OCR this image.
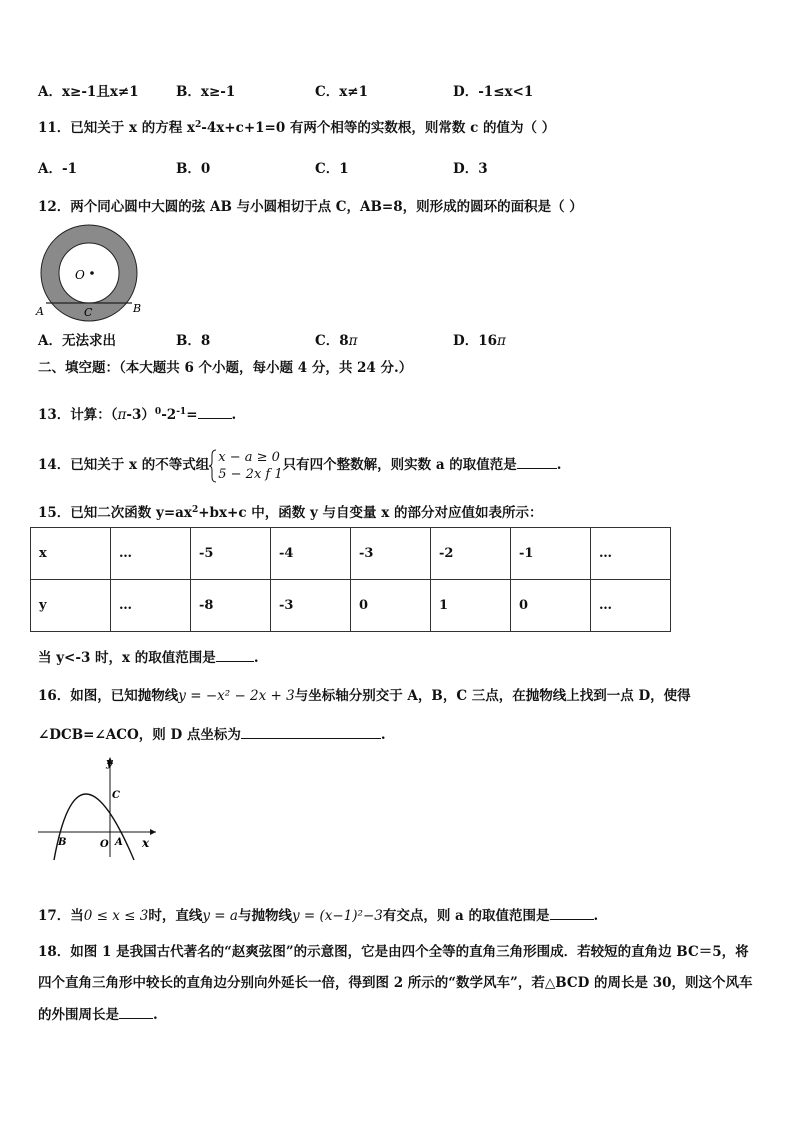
A．x≥-1且x≠1	B．x≥-1	C．x≠1	D．-1≤x<1
11．已知关于 x 的方程 $x^2-4x+c+1=0$ 有两个相等的实数根，则常数 c 的值为（ ）
A．-1	B．0	C．1	D．3
12．两个同心圆中大圆的弦 AB 与小圆相切于点 C，AB=8，则形成的圆环的面积是（ ）
O
A	B
C
A．无法求出	B．8	C．8π	D．16π
二、填空题：（本大题共 6 个小题，每小题 4 分，共 24 分.）
13．计算：$(\pi-3)^0-2^{-1}=$	.
14．已知关于 x 的不等式组 x − a ≥ 0
5 − 2x f 1
只有四个整数解，则实数 a 的取值范是	.
15．已知二次函数 $y=ax^2+bx+c$ 中，函数 y 与自变量 x 的部分对应值如表所示：
x	…	-5	-4	-3	-2	-1	…
y	…	-8	-3	0	1	0	…
当 y<-3 时，x 的取值范围是	.
16．如图，已知抛物线y = −x² − 2x + 3与坐标轴分别交于 A，B，C 三点，在抛物线上找到一点 D，使得
∠DCB=∠ACO，则 D 点坐标为	.
y
x
O A
B
C
17．当0 ≤ x ≤ 3时，直线y = a与抛物线y = (x−1)²−3有交点，则 a 的取值范围是	.
18．如图 1 是我国古代著名的“赵爽弦图”的示意图，它是由四个全等的直角三角形围成．若较短的直角边 BC＝5，将
四个直角三角形中较长的直角边分别向外延长一倍，得到图 2 所示的“数学风车”，若△BCD 的周长是 30，则这个风车
的外围周长是	.
